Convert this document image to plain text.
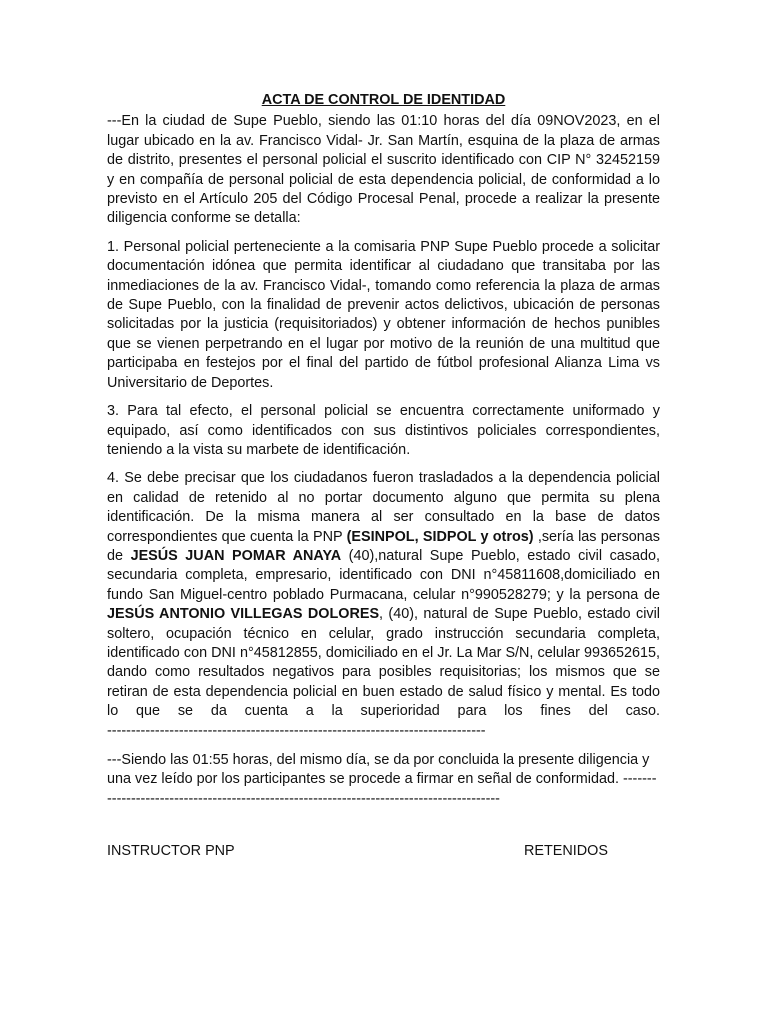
ACTA DE CONTROL DE IDENTIDAD

---En la ciudad de Supe Pueblo, siendo las 01:10 horas del día 09NOV2023, en el lugar ubicado en la av. Francisco Vidal- Jr. San Martín, esquina de la plaza de armas de distrito, presentes el personal policial el suscrito identificado con CIP N° 32452159 y en compañía de personal policial de esta dependencia policial, de conformidad a lo previsto en el Artículo 205 del Código Procesal Penal, procede a realizar la presente diligencia conforme se detalla:

1. Personal policial perteneciente a la comisaria PNP Supe Pueblo procede a solicitar documentación idónea que permita identificar al ciudadano que transitaba por las inmediaciones de la av. Francisco Vidal-, tomando como referencia la plaza de armas de Supe Pueblo, con la finalidad de prevenir actos delictivos, ubicación de personas solicitadas por la justicia (requisitoriados) y obtener información de hechos punibles que se vienen perpetrando en el lugar por motivo de la reunión de una multitud que participaba en festejos por el final del partido de fútbol profesional Alianza Lima vs Universitario de Deportes.

3. Para tal efecto, el personal policial se encuentra correctamente uniformado y equipado, así como identificados con sus distintivos policiales correspondientes, teniendo a la vista su marbete de identificación.

4. Se debe precisar que los ciudadanos fueron trasladados a la dependencia policial en calidad de retenido al no portar documento alguno que permita su plena identificación. De la misma manera al ser consultado en la base de datos correspondientes que cuenta la PNP (ESINPOL, SIDPOL y otros) ,sería las personas de JESÚS JUAN POMAR ANAYA (40),natural Supe Pueblo, estado civil casado, secundaria completa, empresario, identificado con DNI n°45811608,domiciliado en fundo San Miguel-centro poblado Purmacana, celular n°990528279; y la persona de JESÚS ANTONIO VILLEGAS DOLORES, (40), natural de Supe Pueblo, estado civil soltero, ocupación técnico en celular, grado instrucción secundaria completa, identificado con DNI n°45812855, domiciliado en el Jr. La Mar S/N, celular 993652615, dando como resultados negativos para posibles requisitorias; los mismos que se retiran de esta dependencia policial en buen estado de salud físico y mental. Es todo lo que se da cuenta a la superioridad para los fines del caso.

-------------------------------------------------------------------------------

---Siendo las 01:55 horas, del mismo día, se da por concluida la presente diligencia y una vez leído por los participantes se procede a firmar en señal de conformidad. -----------------------------------------------------------------------------------------

INSTRUCTOR PNP	RETENIDOS
